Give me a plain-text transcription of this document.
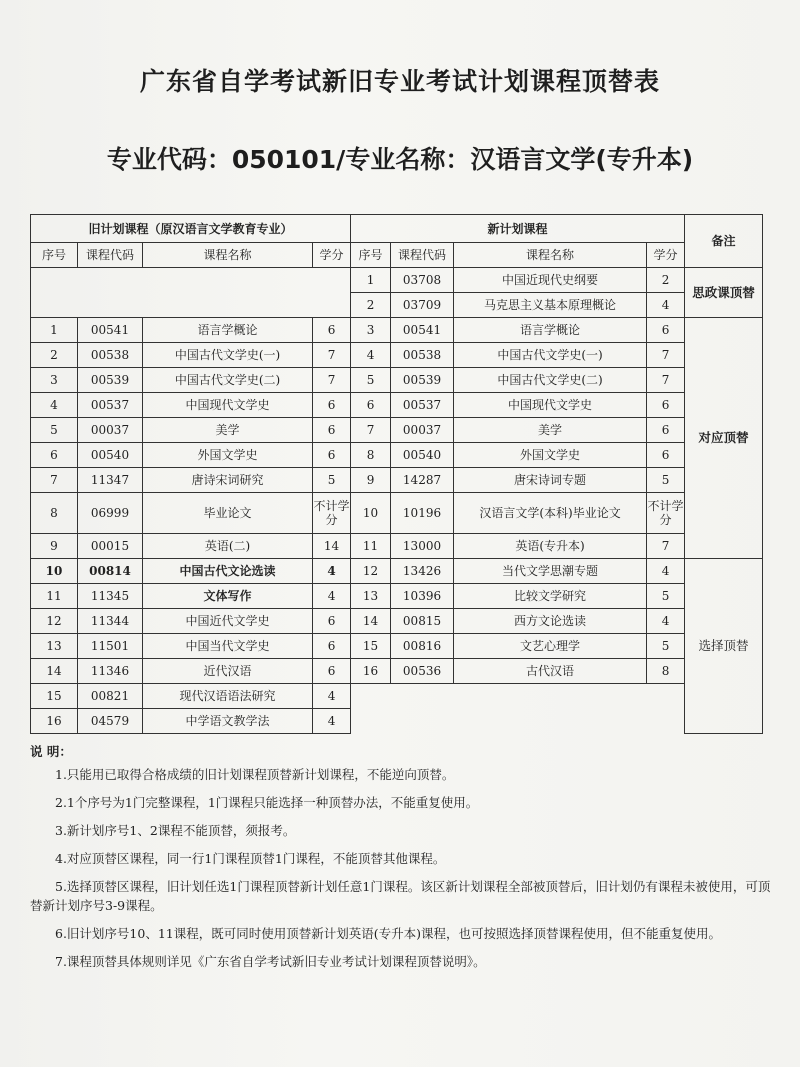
广东省自学考试新旧专业考试计划课程顶替表
专业代码：050101/专业名称：汉语言文学(专升本)
旧计划课程（原汉语言文学教育专业）				新计划课程				备注
序号	课程代码	课程名称	学分	序号	课程代码	课程名称	学分	
				1	03708	中国近现代史纲要	2	思政课顶替
				2	03709	马克思主义基本原理概论	4	
1	00541	语言学概论	6	3	00541	语言学概论	6	对应顶替
2	00538	中国古代文学史(一)	7	4	00538	中国古代文学史(一)	7	
3	00539	中国古代文学史(二)	7	5	00539	中国古代文学史(二)	7	
4	00537	中国现代文学史	6	6	00537	中国现代文学史	6	
5	00037	美学	6	7	00037	美学	6	
6	00540	外国文学史	6	8	00540	外国文学史	6	
7	11347	唐诗宋词研究	5	9	14287	唐宋诗词专题	5	
8	06999	毕业论文	不计学分	10	10196	汉语言文学(本科)毕业论文	不计学分	
9	00015	英语(二)	14	11	13000	英语(专升本)	7	
10	00814	中国古代文论选读	4	12	13426	当代文学思潮专题	4	选择顶替
11	11345	文体写作	4	13	10396	比较文学研究	5	
12	11344	中国近代文学史	6	14	00815	西方文论选读	4	
13	11501	中国当代文学史	6	15	00816	文艺心理学	5	
14	11346	近代汉语	6	16	00536	古代汉语	8	
15	00821	现代汉语语法研究	4					
16	04579	中学语文教学法	4					
说 明：

1.只能用已取得合格成绩的旧计划课程顶替新计划课程，不能逆向顶替。

2.1个序号为1门完整课程，1门课程只能选择一种顶替办法，不能重复使用。

3.新计划序号1、2课程不能顶替，须报考。

4.对应顶替区课程，同一行1门课程顶替1门课程，不能顶替其他课程。

5.选择顶替区课程，旧计划任选1门课程顶替新计划任意1门课程。该区新计划课程全部被顶替后，旧计划仍有课程未被使用，可顶替新计划序号3-9课程。

6.旧计划序号10、11课程，既可同时使用顶替新计划英语(专升本)课程，也可按照选择顶替课程使用，但不能重复使用。

7.课程顶替具体规则详见《广东省自学考试新旧专业考试计划课程顶替说明》。
